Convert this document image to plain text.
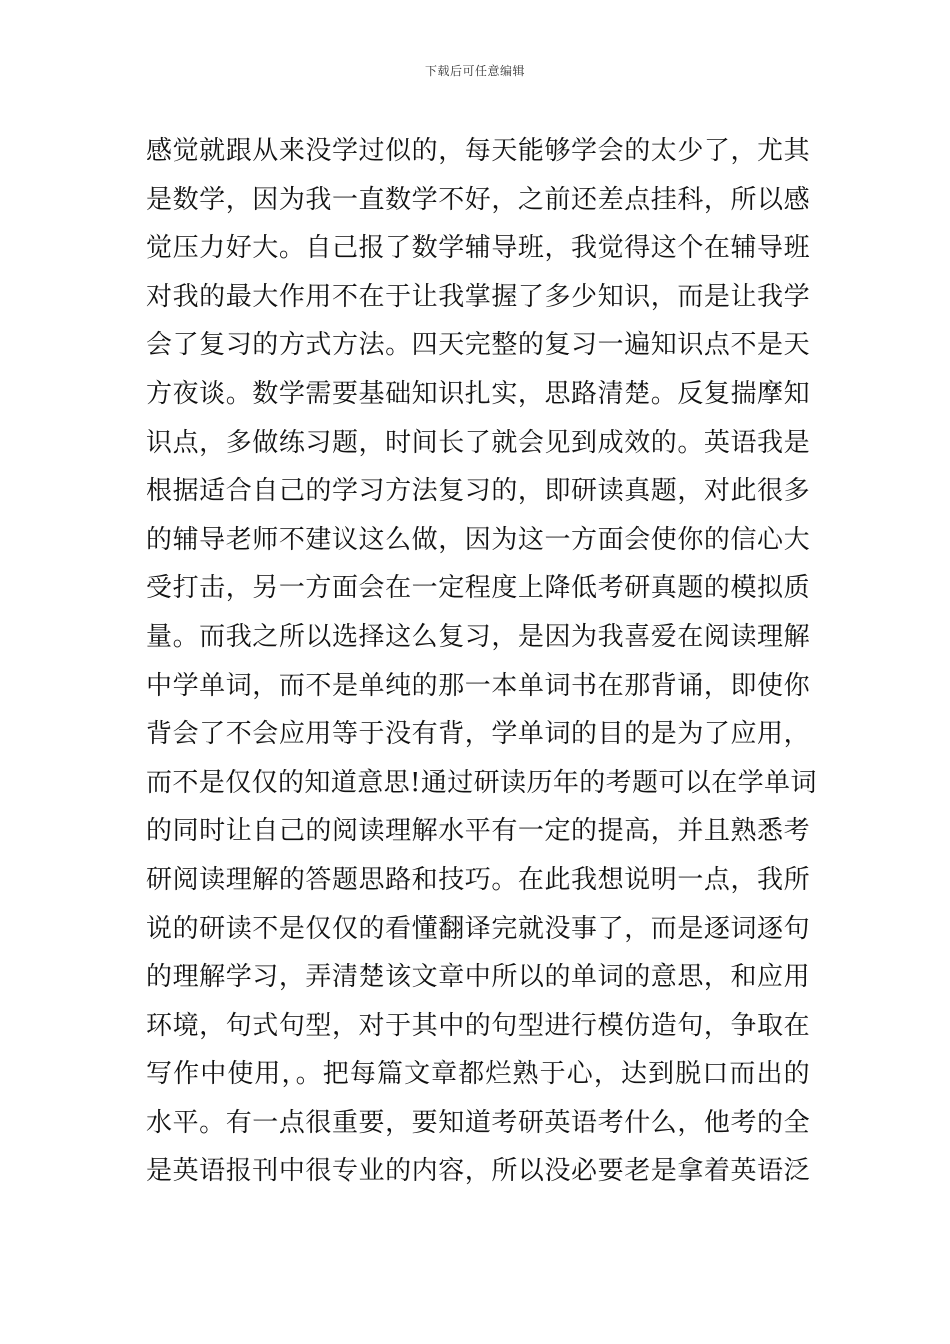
下载后可任意编辑
感觉就跟从来没学过似的，每天能够学会的太少了，尤其
是数学，因为我一直数学不好，之前还差点挂科，所以感
觉压力好大。自己报了数学辅导班，我觉得这个在辅导班
对我的最大作用不在于让我掌握了多少知识，而是让我学
会了复习的方式方法。四天完整的复习一遍知识点不是天
方夜谈。数学需要基础知识扎实，思路清楚。反复揣摩知
识点，多做练习题，时间长了就会见到成效的。英语我是
根据适合自己的学习方法复习的，即研读真题，对此很多
的辅导老师不建议这么做，因为这一方面会使你的信心大
受打击，另一方面会在一定程度上降低考研真题的模拟质
量。而我之所以选择这么复习，是因为我喜爱在阅读理解
中学单词，而不是单纯的那一本单词书在那背诵，即使你
背会了不会应用等于没有背，学单词的目的是为了应用，
而不是仅仅的知道意思!通过研读历年的考题可以在学单词
的同时让自己的阅读理解水平有一定的提高，并且熟悉考
研阅读理解的答题思路和技巧。在此我想说明一点，我所
说的研读不是仅仅的看懂翻译完就没事了，而是逐词逐句
的理解学习，弄清楚该文章中所以的单词的意思，和应用
环境，句式句型，对于其中的句型进行模仿造句，争取在
写作中使用，。把每篇文章都烂熟于心，达到脱口而出的
水平。有一点很重要，要知道考研英语考什么，他考的全
是英语报刊中很专业的内容，所以没必要老是拿着英语泛
